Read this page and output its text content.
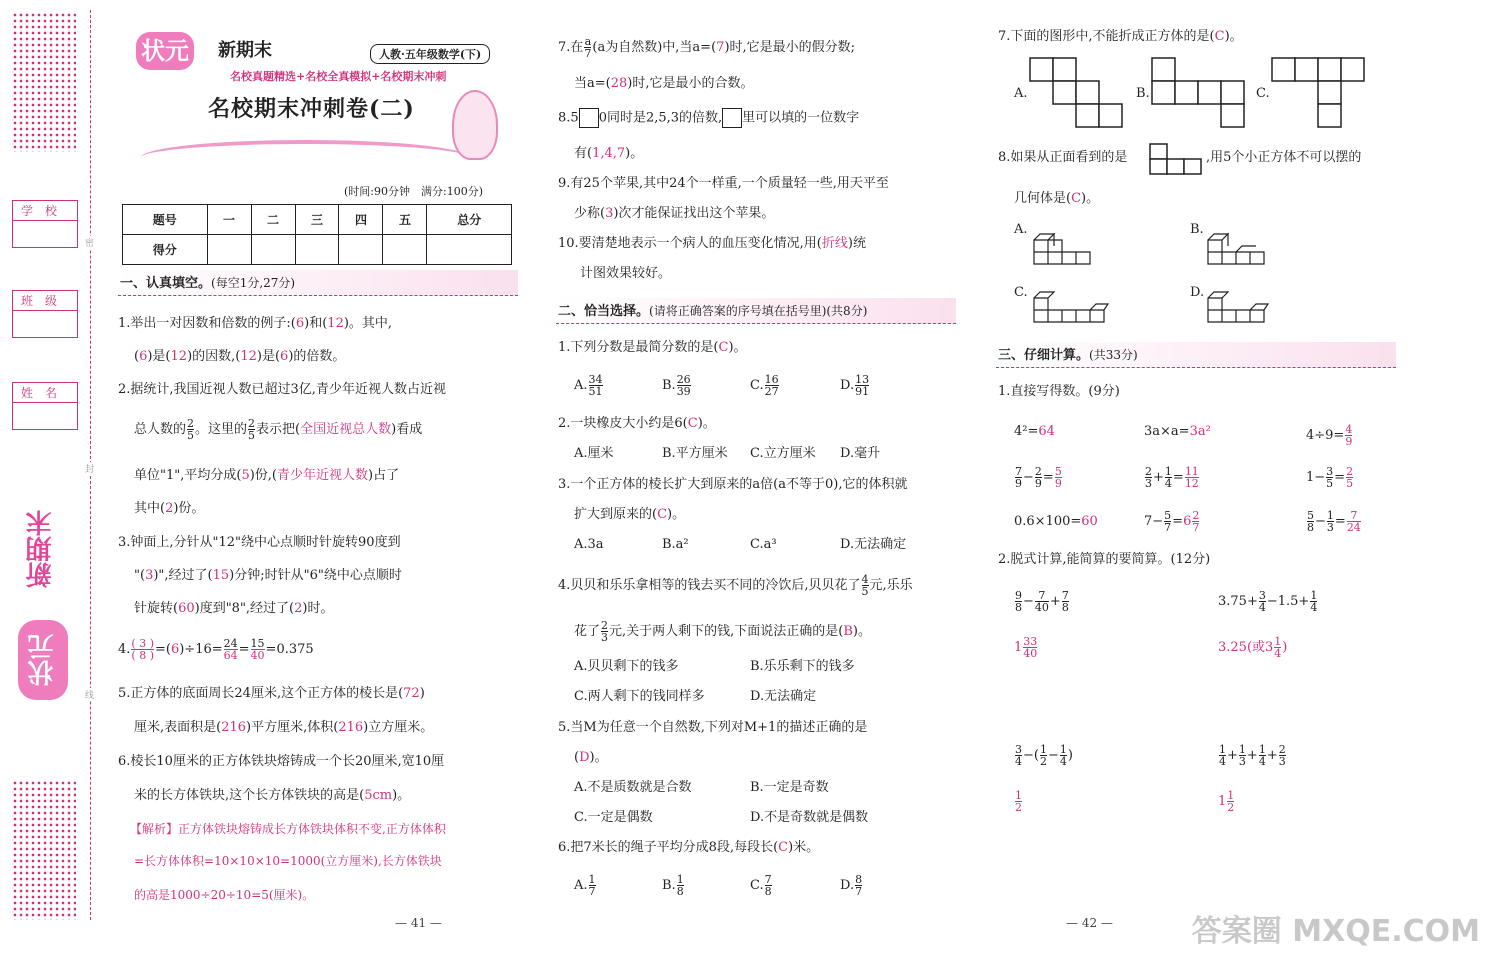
学校
班级
姓名
新期末
状元
密
封
线
状元 新期末	人教·五年级数学(下)
名校真题精选+名校全真模拟+名校期末冲刺
名校期末冲刺卷(二)
(时间:90分钟　满分:100分)
题号	一	二	三	四	五	总分
得分						
一、认真填空。(每空1分,27分)
1.举出一对因数和倍数的例子:(6)和(12)。其中,
(6)是(12)的因数,(12)是(6)的倍数。
2.据统计,我国近视人数已超过3亿,青少年近视人数占近视
总人数的 $\frac{2}{5}$ 。这里的 $\frac{2}{5}$ 表示把(全国近视总人数)看成
单位"1",平均分成(5)份,(青少年近视人数)占了
其中(2)份。
3.钟面上,分针从"12"绕中心点顺时针旋转90度到
"(3)",经过了(15)分钟;时针从"6"绕中心点顺时
针旋转(60)度到"8",经过了(2)时。
4. $\frac{( 3 )}{( 8 )} =(6)\div 16= \frac{24}{64} = \frac{15}{40} =0.375$
5.正方体的底面周长24厘米,这个正方体的棱长是(72)
厘米,表面积是(216)平方厘米,体积(216)立方厘米。
6.棱长10厘米的正方体铁块熔铸成一个长20厘米,宽10厘
米的长方体铁块,这个长方体铁块的高是(5cm)。
【解析】正方体铁块熔铸成长方体铁块体积不变,正方体体积
=长方体体积=10×10×10=1000(立方厘米),长方体铁块
的高是1000÷20÷10=5(厘米)。
— 41 —
7.在 $\frac{a}{7} (a$为自然数)中,当a=(7)时,它是最小的假分数;
当a=(28)时,它是最小的合数。
8.5 0同时是2,5,3的倍数, 里可以填的一位数字
有(1,4,7)。
9.有25个苹果,其中24个一样重,一个质量轻一些,用天平至
少称(3)次才能保证找出这个苹果。
10.要清楚地表示一个病人的血压变化情况,用(折线)统
计图效果较好。
二、恰当选择。(请将正确答案的序号填在括号里)(共8分)
1.下列分数是最简分数的是(C)。
A. $\frac{34}{51}$	B. $\frac{26}{39}$	C. $\frac{16}{27}$	D. $\frac{13}{91}$
2.一块橡皮大小约是6(C)。
A.厘米	B.平方厘米 C.立方厘米 D.毫升
3.一个正方体的棱长扩大到原来的a倍(a不等于0),它的体积就
扩大到原来的(C)。
A.3a	B.a²	C.a³	D.无法确定
4.贝贝和乐乐拿相等的钱去买不同的冷饮后,贝贝花了 $\frac{4}{5}$ 元,乐乐
花了 $\frac{2}{3}$ 元,关于两人剩下的钱,下面说法正确的是(B)。
A.贝贝剩下的钱多	B.乐乐剩下的钱多
C.两人剩下的钱同样多	D.无法确定
5.当M为任意一个自然数,下列对M+1的描述正确的是
(D)。
A.不是质数就是合数	B.一定是奇数
C.一定是偶数	D.不是奇数就是偶数
6.把7米长的绳子平均分成8段,每段长(C)米。
A. $\frac{1}{7}$	B. $\frac{1}{8}$	C. $\frac{7}{8}$	D. $\frac{8}{7}$
7.下面的图形中,不能折成正方体的是(C)。
A.	B.	C.
8.如果从正面看到的是	,用5个小正方体不可以摆的
几何体是(C)。
A.	B.
C.	D.
三、仔细计算。(共33分)
1.直接写得数。(9分)
4²=64	3a×a=3a²	$4\div 9= \frac{4}{9}$
$\frac{7}{9} - \frac{2}{9} = \frac{5}{9}$	$\frac{2}{3} + \frac{1}{4} = \frac{11}{12}$	$1- \frac{3}{5} = \frac{2}{5}$
0.6×100=60	$7- \frac{5}{7} =6 \frac{2}{7}$	$\frac{5}{8} - \frac{1}{3} = \frac{7}{24}$
2.脱式计算,能简算的要简算。(12分)
$\frac{9}{8} - \frac{7}{40} + \frac{7}{8}$
$1 \frac{33}{40}$
$3.75+ \frac{3}{4} -1.5+ \frac{1}{4}$
3.25(或$3 \frac{1}{4}$ )
$\frac{3}{4}$ −( $\frac{1}{2} - \frac{1}{4}$ )
$\frac{1}{2}$
$\frac{1}{4} + \frac{1}{3} + \frac{1}{4} + \frac{2}{3}$
$1 \frac{1}{2}$
— 42 —	答案圈 MXQE.COM
